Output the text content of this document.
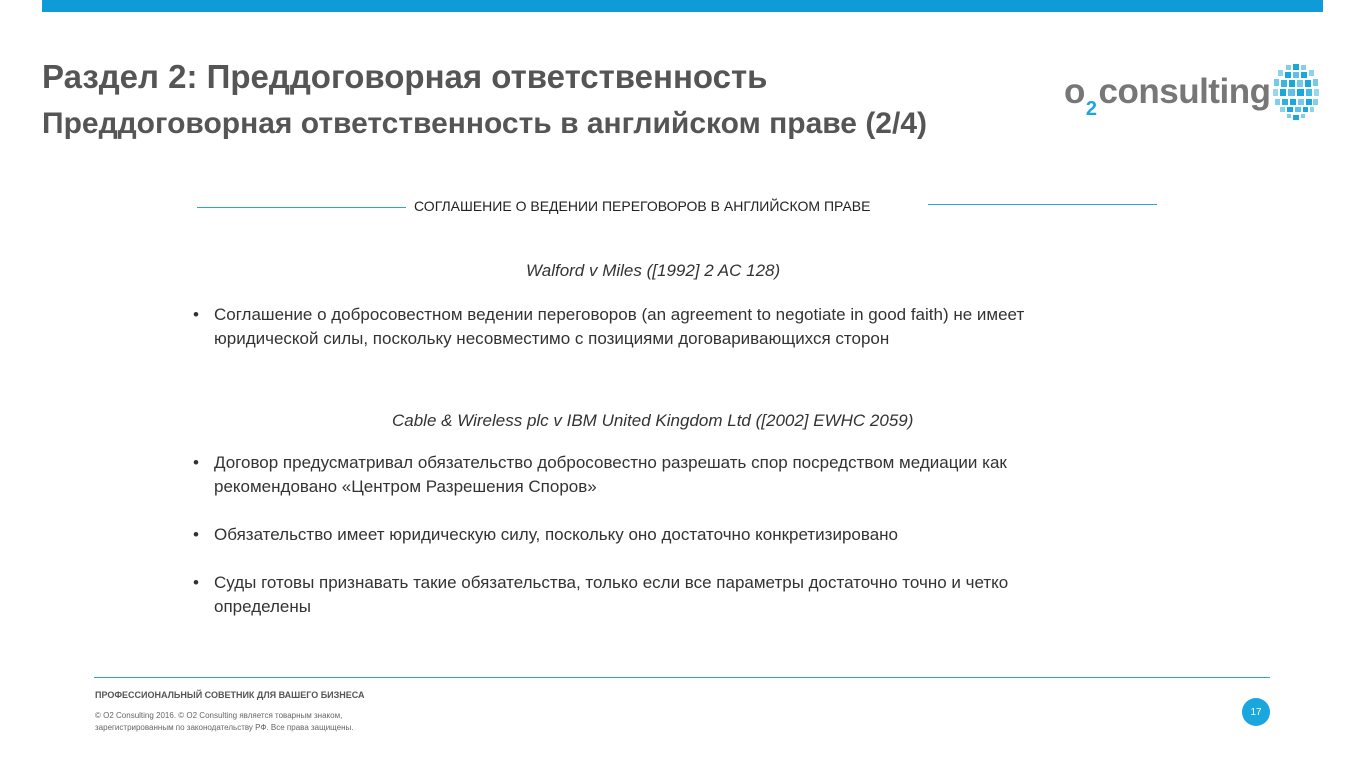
Раздел 2: Преддоговорная ответственность
Преддоговорная ответственность в английском праве (2/4)
$o_2consulting$
СОГЛАШЕНИЕ О ВЕДЕНИИ ПЕРЕГОВОРОВ В АНГЛИЙСКОМ ПРАВЕ
Walford v Miles ([1992] 2 AC 128)
• Соглашение о добросовестном ведении переговоров (an agreement to negotiate in good faith) не имеет
юридической силы, поскольку несовместимо с позициями договаривающихся сторон
Cable & Wireless plc v IBM United Kingdom Ltd ([2002] EWHC 2059)
• Договор предусматривал обязательство добросовестно разрешать спор посредством медиации как
рекомендовано «Центром Разрешения Споров»
• Обязательство имеет юридическую силу, поскольку оно достаточно конкретизировано
• Суды готовы признавать такие обязательства, только если все параметры достаточно точно и четко
определены
ПРОФЕССИОНАЛЬНЫЙ СОВЕТНИК ДЛЯ ВАШЕГО БИЗНЕСА
© O2 Consulting 2016. © O2 Consulting является товарным знаком,
зарегистрированным по законодательству РФ. Все права защищены.
17
